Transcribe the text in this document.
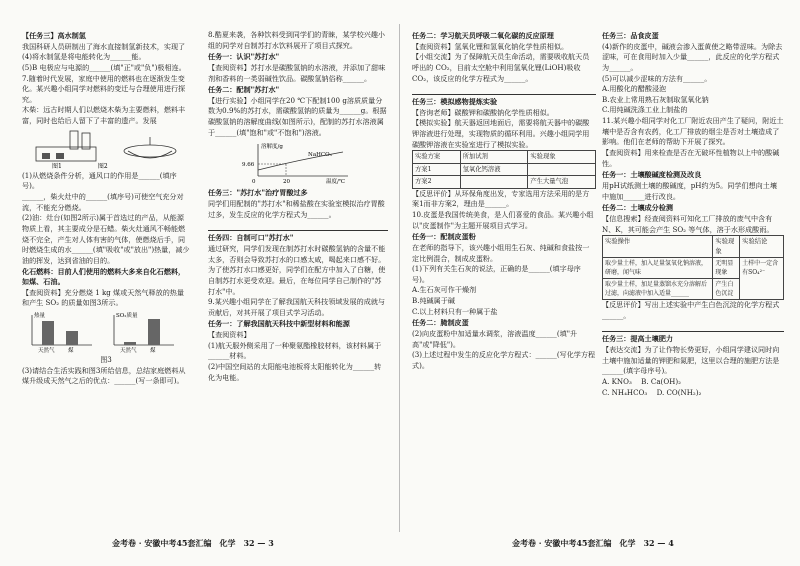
【任务三】高水制氢

我国科研人员研制出了海水直接制氢新技术，实现了

(4)将水制氢是将电能转化为______能。

(5)B 电极应与电源的______(填"正"或"负")极相连。

7.随着时代发展，家庭中使用的燃料也在逐渐发生变化。某兴趣小组同学对燃料的变迁与合理使用进行探究。

木柴：远古时期人们以燃烧木柴为主要燃料，燃料丰富，同时也给后人留下了丰富的遗产。发展

图1　　　　　　图2

(1)从燃烧条件分析，通风口的作用是______(填序号)。

______，柴火灶中的______(填序号)可使空气充分对流，不能充分燃烧。

(2)油：灶台(如图2所示)属于首选过的产品，从能源物质上看，其主要成分是石蜡。柴火灶通风不畅能燃烧不完全，产生对人体有害的气体，使燃烧后手，同时燃烧生成的水______(填"吸收"或"放出")热量，减少油的挥发，达到省油的目的。

化石燃料：目前人们使用的燃料大多来自化石燃料，如煤、石油。

【查阅资料】充分燃烧 1 kg 煤或天然气释放的热量和产生 SO₂ 的质量如图3所示。

热量
天然气 煤
SO₂质量
天然气 煤

图3

(3)请结合生活实践和图3所给信息，总结家庭燃料从煤升级成天然气之后的优点：______(写一条即可)。

8.酷夏来袭，各种饮料受到同学们的青睐，某学校兴趣小组的同学对自制苏打水饮料展开了项目式探究。

任务一：认识"苏打水"

【查阅资料】苏打水是碳酸氢钠的水溶液，并添加了甜味剂和香料的一类弱碱性饮品。碳酸氢钠俗称______。

任务二：配制"苏打水"

【进行实验】小组同学在20 ℃下配制100 g溶质质量分数为0.9%的苏打水，需碳酸氢钠的质量为______g。根据碳酸氢钠的溶解度曲线(如图所示)，配制的苏打水溶液属于______(填"饱和"或"不饱和")溶液。

溶解度/g
9.66
NaHCO₃
0	20	温度/℃

任务三："苏打水"治疗胃酸过多

同学们用配制的"苏打水"和稀盐酸在实验室模拟治疗胃酸过多，发生反应的化学方程式为______。

任务四：自制可口"苏打水"

通过研究，同学们发现在制苏打水时碳酸氢钠的含量不能太多，否则会导致苏打水的口感太咸，喝起来口感不好。为了使苏打水口感更好，同学们在配方中加入了白糖，使自制苏打水更受欢迎。最后，在每位同学自己制作的"苏打水"中。

9.某兴趣小组同学在了解我国航天科技领域发展的成就与贡献后，对其开展了项目式学习活动。

任务一：了解我国航天科技中新型材料和能源

【查阅资料】

(1)航天服外侧采用了一种聚氨酯橡胶材料，该材料属于______材料。

(2)中国空间站的太阳能电池板将太阳能转化为______转化为电能。

金考卷 · 安徽中考45套汇编　化学　32 — 3

任务二：学习航天员呼吸二氧化碳的反应原理

【查阅资料】氢氧化锂和氢氧化钠化学性质相似。

【小组交流】为了保障航天员生命活动，需要吸收航天员呼出的 CO₂，目前太空舱中利用氢氧化锂(LiOH)吸收 CO₂，该反应的化学方程式为______。

任务三：模拟感物提炼实验

【咨询老师】碳酸钾和碳酸钠化学性质相似。

【模拟实验】航天器返回地面后，需要将航天器中的碳酸钾溶液进行处理，实现物质的循环利用。兴趣小组同学用碳酸钾溶液在实验室进行了模拟实验。

实验方案	所加试剂	实验现象
方案1	氢氧化钙溶液	
方案2		产生大量气泡

【反思评价】从环保角度出发，专家选用方法采用的是方案1而非方案2，理由是______。

10.皮蛋是我国传统美食，是人们喜爱的食品。某兴趣小组以"皮蛋制作"为主题开展项目式学习。

任务一：配制皮蛋粉

在老师的指导下，该兴趣小组用生石灰、纯碱和食盐按一定比例混合，制成皮蛋粉。

(1)下列有关生石灰的说法，正确的是______(填字母序号)。

A.生石灰可作干燥剂

B.纯碱属于碱

C.以上材料只有一种属于盐

任务二：腌制皮蛋

(2)向皮蛋粉中加适量水调浆，溶液温度______(填"升高"或"降低")。

(3)上述过程中发生的反应化学方程式：______(写化学方程式)。

任务三：品食皮蛋

(4)新作的皮蛋中，碱液会渗入蛋黄使之略带涩味。为除去涩味，可在食用时加入少量______，此反应的化学方程式为______。

(5)可以减少涩味的方法有______。

A.用酸化的醋酸浸泡

B.农业上常用熟石灰制取氢氧化钠

C.用纯碱洗涤工业上制盐的

11.某兴趣小组同学对化工厂附近农田产生了疑问，附近土壤中是否含有农药，化工厂排放的烟尘是否对土壤造成了影响。他们在老师的帮助下开展了探究。

【查阅资料】用来检查是否在无破坏性植物以上中的酸碱性。

任务一：土壤酸碱度检测及改良

用pH试纸测土壤的酸碱度，pH约为5。同学们想向土壤中施加______进行改良。

任务二：土壤成分检测

【信息搜索】经查阅资料可知化工厂排放的废气中含有 N、K，其可能会产生 SO₂ 等气体，溶于水形成酸雨。

实验操作	实验现象	实验结论
取少量土样，加入足量氢氧化钠溶液，研磨，闻气味	无明显现象	土样中一定含有SO₄²⁻
取少量土样，加足量蒸馏水充分溶解后过滤，向滤液中加入适量______	产生白色沉淀	

【反思评价】写出上述实验中产生白色沉淀的化学方程式______。

任务三：提高土壤肥力

【表达交流】为了让作物长势更好，小组同学建议同时向土壤中施加适量的钾肥和氮肥，这里以合理的施肥方法是______(填字母序号)。

A. KNO₃  B. Ca(OH)₂

C. NH₄HCO₃  D. CO(NH₂)₂

金考卷 · 安徽中考45套汇编　化学　32 — 4
